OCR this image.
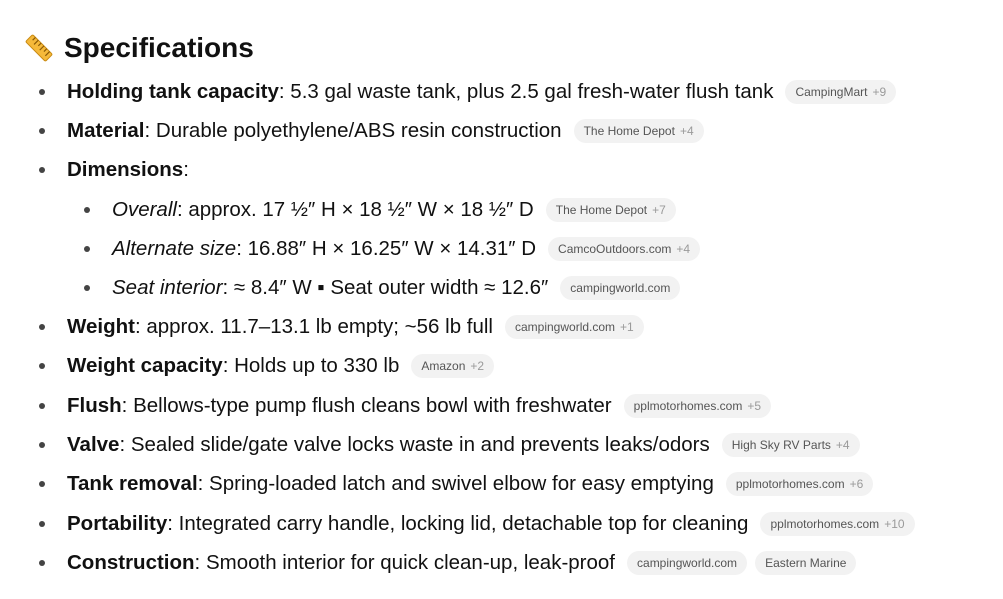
Specifications
Holding tank capacity : 5.3 gal waste tank, plus 2.5 gal fresh-water flush tank CampingMart +9
Material : Durable polyethylene/ABS resin construction The Home Depot +4
Dimensions :
Overall : approx. 17 ½″ H × 18 ½″ W × 18 ½″ D The Home Depot +7
Alternate size : 16.88″ H × 16.25″ W × 14.31″ D CamcoOutdoors.com +4
Seat interior : ≈ 8.4″ W ▪ Seat outer width ≈ 12.6″ campingworld.com
Weight : approx. 11.7–13.1 lb empty; ~56 lb full campingworld.com +1
Weight capacity : Holds up to 330 lb Amazon +2
Flush : Bellows-type pump flush cleans bowl with freshwater pplmotorhomes.com +5
Valve : Sealed slide/gate valve locks waste in and prevents leaks/odors High Sky RV Parts +4
Tank removal : Spring-loaded latch and swivel elbow for easy emptying pplmotorhomes.com +6
Portability : Integrated carry handle, locking lid, detachable top for cleaning pplmotorhomes.com +10
Construction : Smooth interior for quick clean-up, leak-proof campingworld.com Eastern Marine
